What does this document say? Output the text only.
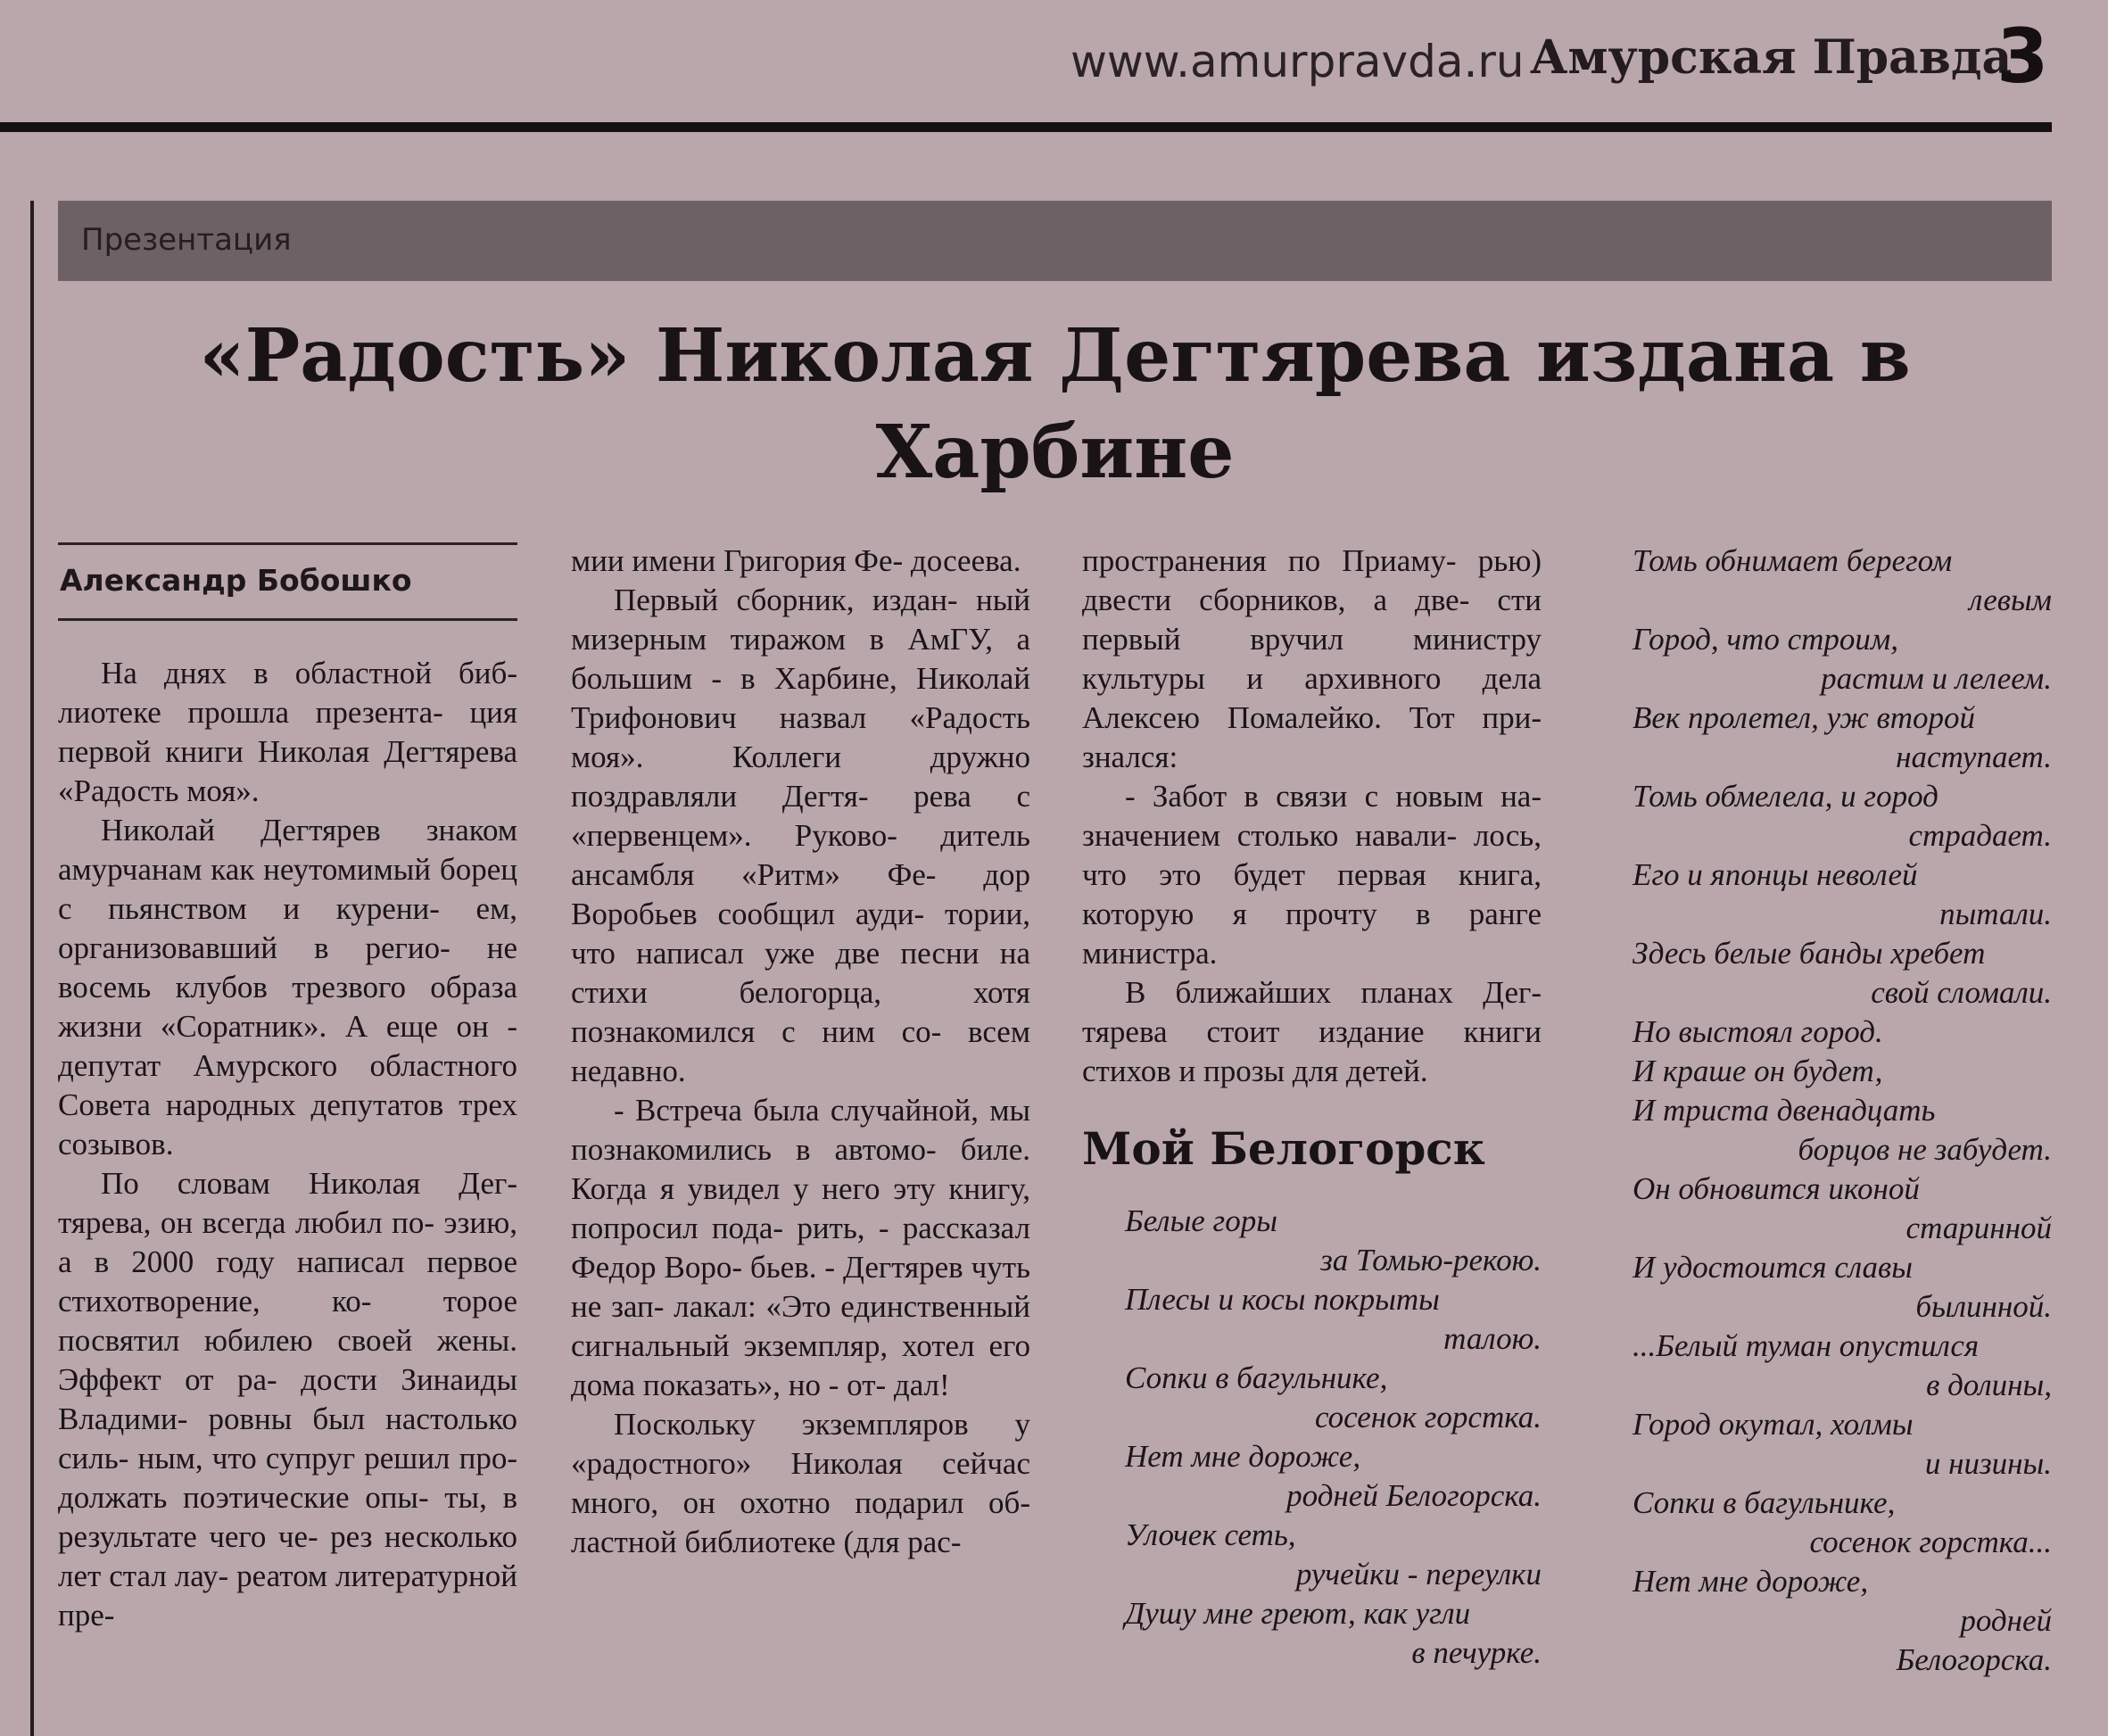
www.amurpravda.ru Амурская Правда
3
Презентация
«Радость» Николая Дегтярева издана в Харбине
Александр Бобошко

На днях в областной биб- лиотеке прошла презента- ция первой книги Николая Дегтярева «Радость моя».

Николай Дегтярев знаком амурчанам как неутомимый борец с пьянством и курени- ем, организовавший в регио- не восемь клубов трезвого образа жизни «Соратник». А еще он - депутат Амурского областного Совета народных депутатов трех созывов.

По словам Николая Дег- тярева, он всегда любил по- эзию, а в 2000 году написал первое стихотворение, ко- торое посвятил юбилею своей жены. Эффект от ра- дости Зинаиды Владими- ровны был настолько силь- ным, что супруг решил про- должать поэтические опы- ты, в результате чего че- рез несколько лет стал лау- реатом литературной пре-

мии имени Григория Фе- досеева.

Первый сборник, издан- ный мизерным тиражом в АмГУ, а большим - в Харбине, Николай Трифонович назвал «Радость моя». Коллеги дружно поздравляли Дегтя- рева с «первенцем». Руково- дитель ансамбля «Ритм» Фе- дор Воробьев сообщил ауди- тории, что написал уже две песни на стихи белогорца, хотя познакомился с ним со- всем недавно.

- Встреча была случайной, мы познакомились в автомо- биле. Когда я увидел у него эту книгу, попросил пода- рить, - рассказал Федор Воро- бьев. - Дегтярев чуть не зап- лакал: «Это единственный сигнальный экземпляр, хотел его дома показать», но - от- дал!

Поскольку экземпляров у «радостного» Николая сейчас много, он охотно подарил об- ластной библиотеке (для рас-

пространения по Приаму- рью) двести сборников, а две- сти первый вручил министру культуры и архивного дела Алексею Помалейко. Тот при- знался:

- Забот в связи с новым на- значением столько навали- лось, что это будет первая книга, которую я прочту в ранге министра.

В ближайших планах Дег- тярева стоит издание книги стихов и прозы для детей.

Мой Белогорск
Белые горы
за Томью-рекою.
Плесы и косы покрыты
талою.
Сопки в багульнике,
сосенок горстка.
Нет мне дороже,
родней Белогорска.
Улочек сеть,
ручейки - переулки
Душу мне греют, как угли
в печурке.
Томь обнимает берегом
левым
Город, что строим,
растим и лелеем.
Век пролетел, уж второй
наступает.
Томь обмелела, и город
страдает.
Его и японцы неволей
пытали.
Здесь белые банды хребет
свой сломали.
Но выстоял город.
И краше он будет,
И триста двенадцать
борцов не забудет.
Он обновится иконой
старинной
И удостоится славы
былинной.
...Белый туман опустился
в долины,
Город окутал, холмы
и низины.
Сопки в багульнике,
сосенок горстка...
Нет мне дороже,
родней
Белогорска.
